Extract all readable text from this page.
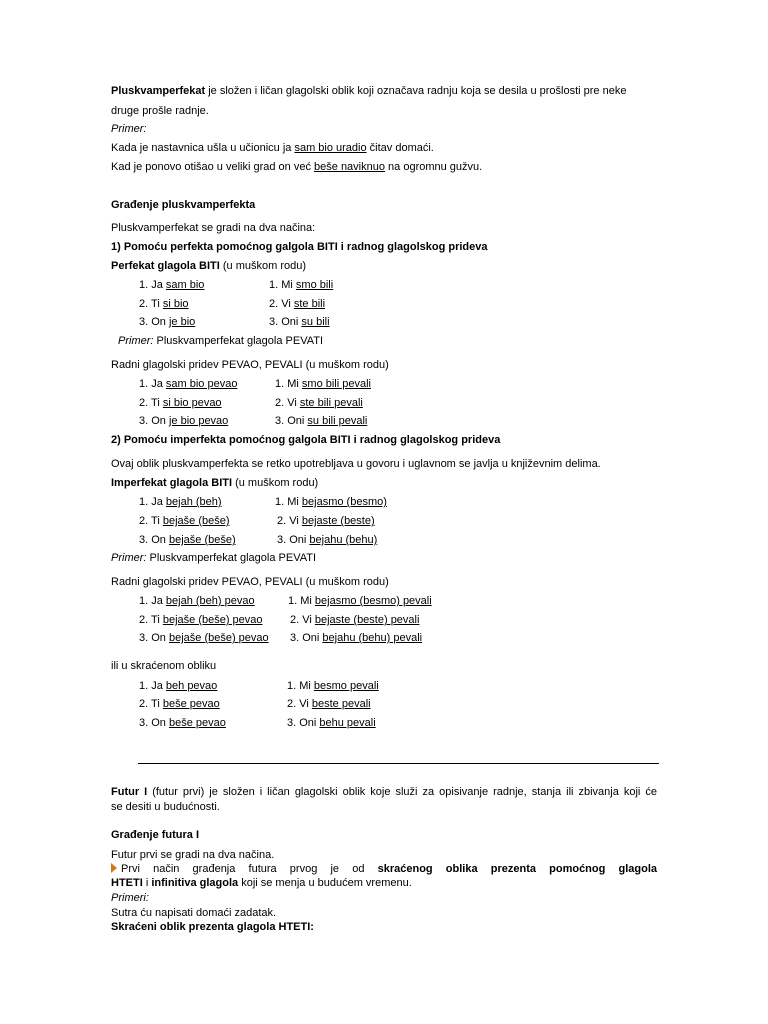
Pluskvamperfekat je složen i ličan glagolski oblik koji označava radnju koja se desila u prošlosti pre neke
druge prošle radnje.
Primer:
Kada je nastavnica ušla u učionicu ja sam bio uradio čitav domaći.
Kad je ponovo otišao u veliki grad on već beše naviknuo na ogromnu gužvu.
Građenje pluskvamperfekta
Pluskvamperfekat se gradi na dva načina:
1) Pomoću perfekta pomoćnog galgola BITI i radnog glagolskog prideva
Perfekat glagola BITI (u muškom rodu)
1. Ja sam bio	1. Mi smo bili
2. Ti si bio	2. Vi ste bili
3. On je bio	3. Oni su bili
Primer: Pluskvamperfekat glagola PEVATI
Radni glagolski pridev PEVAO, PEVALI (u muškom rodu)
1. Ja sam bio pevao	1. Mi smo bili pevali
2. Ti si bio pevao	2. Vi ste bili pevali
3. On je bio pevao	3. Oni su bili pevali
2) Pomoću imperfekta pomoćnog galgola BITI i radnog glagolskog prideva
Ovaj oblik pluskvamperfekta se retko upotrebljava u govoru i uglavnom se javlja u književnim delima.
Imperfekat glagola BITI (u muškom rodu)
1. Ja bejah (beh)	1. Mi bejasmo (besmo)
2. Ti bejaše (beše)	2. Vi bejaste (beste)
3. On bejaše (beše)	3. Oni bejahu (behu)
Primer: Pluskvamperfekat glagola PEVATI
Radni glagolski pridev PEVAO, PEVALI (u muškom rodu)
1. Ja bejah (beh) pevao	1. Mi bejasmo (besmo) pevali
2. Ti bejaše (beše) pevao 2. Vi bejaste (beste) pevali
3. On bejaše (beše) pevao 3. Oni bejahu (behu) pevali
ili u skraćenom obliku
1. Ja beh pevao	1. Mi besmo pevali
2. Ti beše pevao	2. Vi beste pevali
3. On beše pevao	3. Oni behu pevali
Futur I (futur prvi) je složen i ličan glagolski oblik koje služi za opisivanje radnje, stanja ili zbivanja koji će
se desiti u budućnosti.
Građenje futura I
Futur prvi se gradi na dva načina.
Prvi način građenja futura prvog je od skraćenog oblika prezenta pomoćnog glagola
HTETI i infinitiva glagola koji se menja u budućem vremenu.
Primeri:
Sutra ću napisati domaći zadatak.
Skraćeni oblik prezenta glagola HTETI:
